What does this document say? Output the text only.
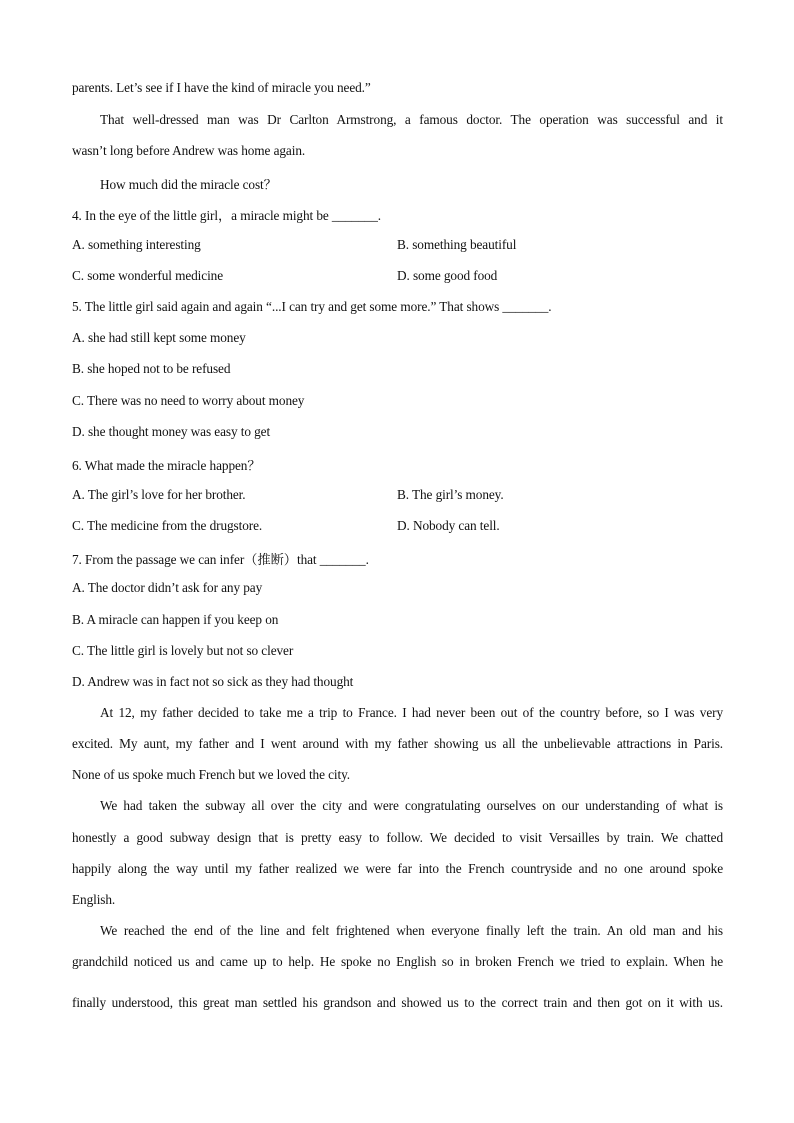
parents. Let’s see if I have the kind of miracle you need.”
That well-dressed man was Dr Carlton Armstrong, a famous doctor. The operation was successful and it
wasn’t long before Andrew was home again.
How much did the miracle cost？
4. In the eye of the little girl，a miracle might be _______.
A. something interesting	B. something beautiful
C. some wonderful medicine	D. some good food
5. The little girl said again and again “...I can try and get some more.” That shows _______.
A. she had still kept some money
B. she hoped not to be refused
C. There was no need to worry about money
D. she thought money was easy to get
6. What made the miracle happen？
A. The girl’s love for her brother.	B. The girl’s money.
C. The medicine from the drugstore.	D. Nobody can tell.
7. From the passage we can infer（推断）that _______.
A. The doctor didn’t ask for any pay
B. A miracle can happen if you keep on
C. The little girl is lovely but not so clever
D. Andrew was in fact not so sick as they had thought
At 12, my father decided to take me a trip to France. I had never been out of the country before, so I was very
excited. My aunt, my father and I went around with my father showing us all the unbelievable attractions in Paris.
None of us spoke much French but we loved the city.
We had taken the subway all over the city and were congratulating ourselves on our understanding of what is
honestly a good subway design that is pretty easy to follow. We decided to visit Versailles by train. We chatted
happily along the way until my father realized we were far into the French countryside and no one around spoke
English.
We reached the end of the line and felt frightened when everyone finally left the train. An old man and his
grandchild noticed us and came up to help. He spoke no English so in broken French we tried to explain. When he
finally understood, this great man settled his grandson and showed us to the correct train and then got on it with us.
